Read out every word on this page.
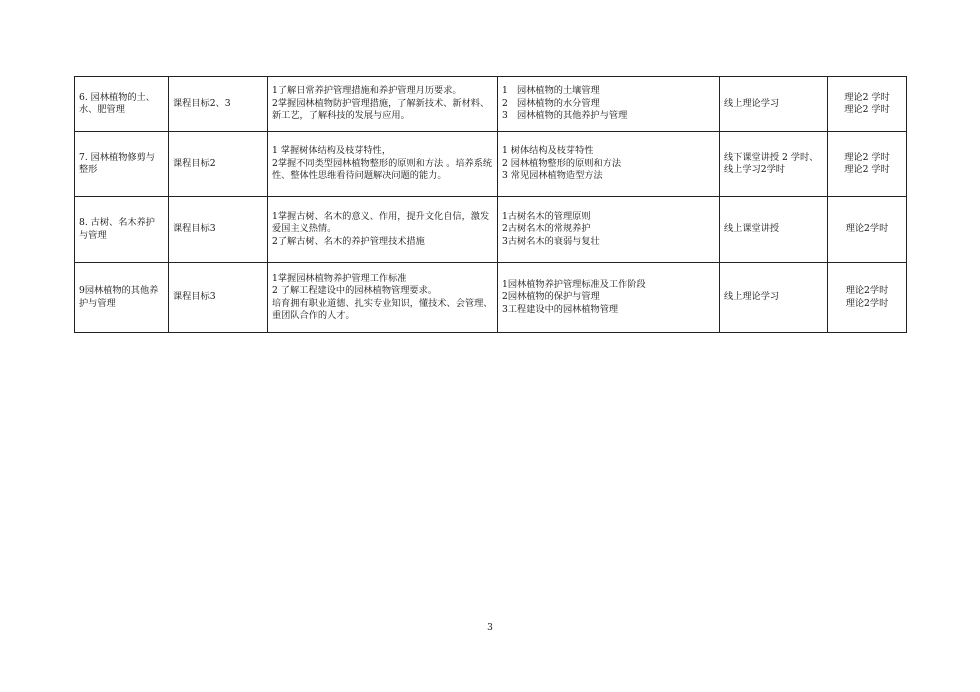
6. 园林植物的土、水、肥管理	课程目标2、3	1了解日常养护管理措施和养护管理月历要求。
2掌握园林植物防护管理措施，了解新技术、新材料、新工艺，了解科技的发展与应用。	1　园林植物的土壤管理
2　园林植物的水分管理
3　园林植物的其他养护与管理	线上理论学习	理论2 学时
理论2 学时

7. 园林植物修剪与整形	课程目标2	1 掌握树体结构及枝芽特性，
2掌握不同类型园林植物整形的原则和方法 。培养系统性、整体性思维看待问题解决问题的能力。	1 树体结构及枝芽特性
2 园林植物整形的原则和方法
3 常见园林植物造型方法	线下课堂讲授 2 学时、线上学习2学时	理论2 学时
理论2 学时

8. 古树、名木养护与管理	课程目标3	1掌握古树、名木的意义、作用，提升文化自信，激发爱国主义热情。
2了解古树、名木的养护管理技术措施	1古树名木的管理原则
2古树名木的常规养护
3古树名木的衰弱与复壮	线上课堂讲授	理论2学时

9园林植物的其他养护与管理	课程目标3	1掌握园林植物养护管理工作标准
2 了解工程建设中的园林植物管理要求。
培育拥有职业道德、扎实专业知识，懂技术、会管理、重团队合作的人才。	1园林植物养护管理标准及工作阶段
2园林植物的保护与管理
3工程建设中的园林植物管理	线上理论学习	理论2学时
理论2学时
3
